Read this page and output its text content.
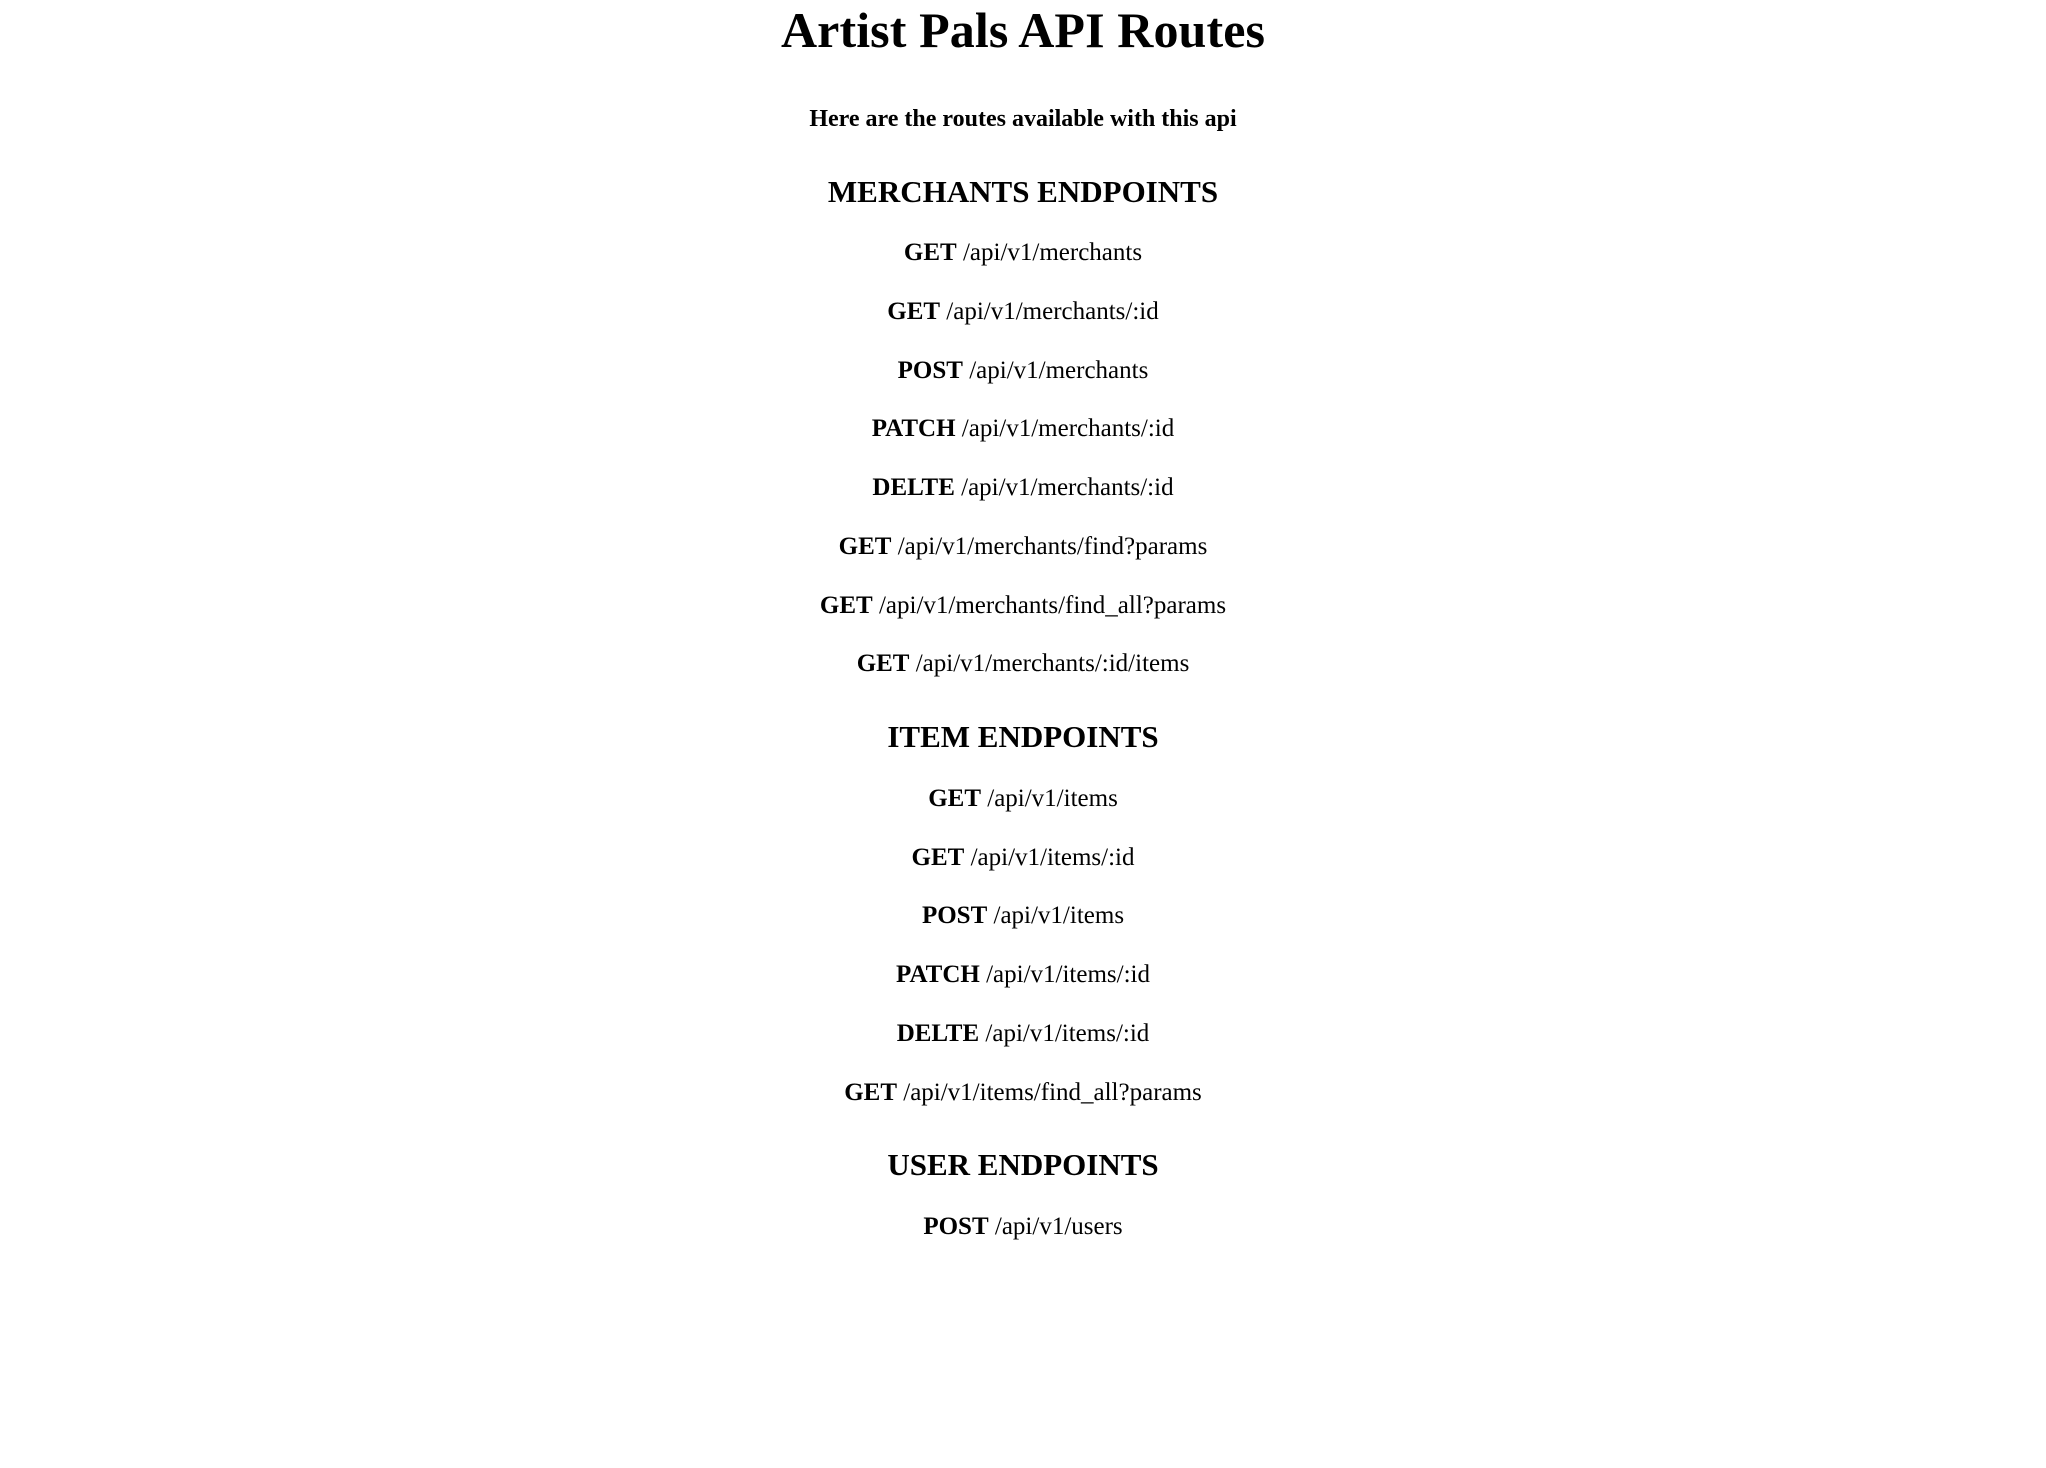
Artist Pals API Routes
Here are the routes available with this api
MERCHANTS ENDPOINTS
GET /api/v1/merchants
GET /api/v1/merchants/:id
POST /api/v1/merchants
PATCH /api/v1/merchants/:id
DELTE /api/v1/merchants/:id
GET /api/v1/merchants/find?params
GET /api/v1/merchants/find_all?params
GET /api/v1/merchants/:id/items
ITEM ENDPOINTS
GET /api/v1/items
GET /api/v1/items/:id
POST /api/v1/items
PATCH /api/v1/items/:id
DELTE /api/v1/items/:id
GET /api/v1/items/find_all?params
USER ENDPOINTS
POST /api/v1/users
